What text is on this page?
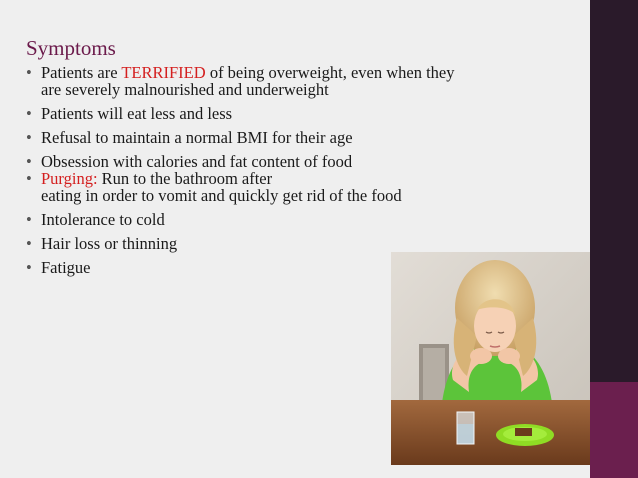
Symptoms
• Patients are TERRIFIED of being overweight, even when they are severely malnourished and underweight
• Patients will eat less and less
• Refusal to maintain a normal BMI for their age
• Obsession with calories and fat content of food
• Purging: Run to the bathroom after
eating in order to vomit and quickly get rid of the food
• Intolerance to cold
• Hair loss or thinning
• Fatigue
